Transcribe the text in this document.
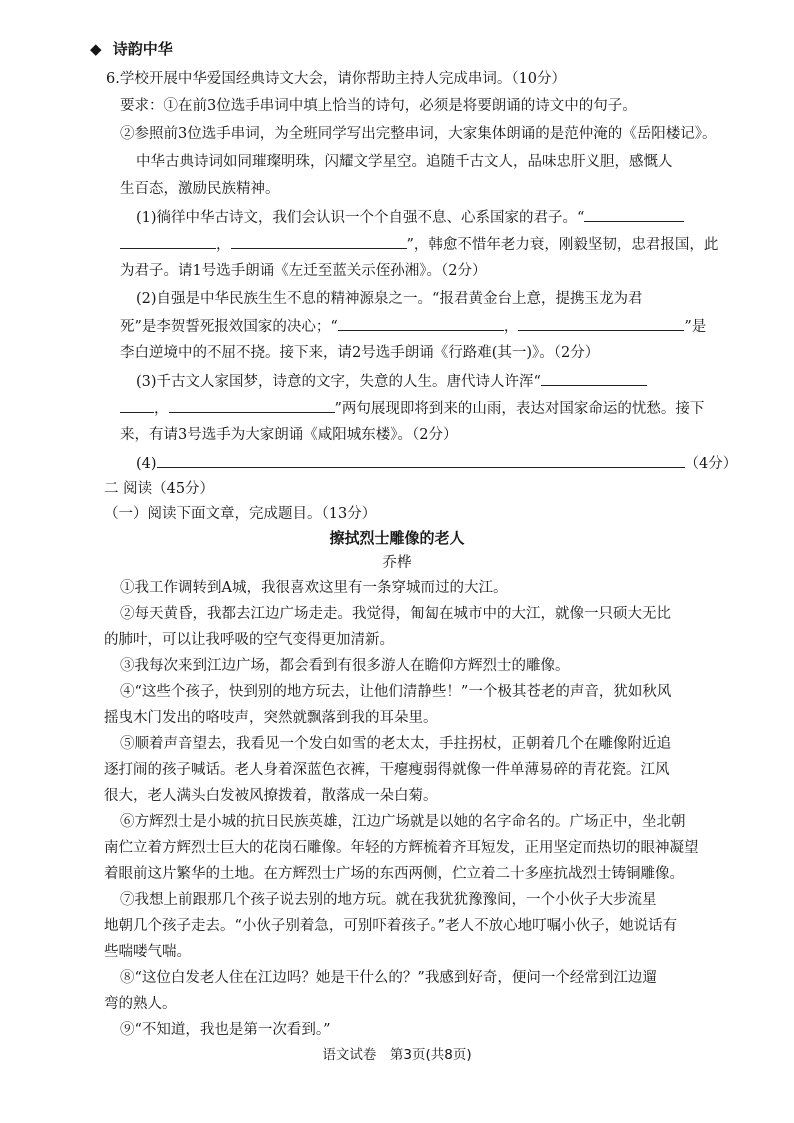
◆ 诗韵中华
6.学校开展中华爱国经典诗文大会，请你帮助主持人完成串词。（10分）
要求：①在前3位选手串词中填上恰当的诗句，必须是将要朗诵的诗文中的句子。
②参照前3位选手串词，为全班同学写出完整串词，大家集体朗诵的是范仲淹的《岳阳楼记》。
中华古典诗词如同璀璨明珠，闪耀文学星空。追随千古文人，品味忠肝义胆，感慨人
生百态，激励民族精神。
(1)徜徉中华古诗文，我们会认识一个个自强不息、心系国家的君子。“
，	”，韩愈不惜年老力衰，刚毅坚韧，忠君报国，此
为君子。请1号选手朗诵《左迁至蓝关示侄孙湘》。（2分）
(2)自强是中华民族生生不息的精神源泉之一。“报君黄金台上意，提携玉龙为君
死”是李贺誓死报效国家的决心；“	，	”是
李白逆境中的不屈不挠。接下来，请2号选手朗诵《行路难(其一)》。（2分）
(3)千古文人家国梦，诗意的文字，失意的人生。唐代诗人许浑“
，	”两句展现即将到来的山雨，表达对国家命运的忧愁。接下
来，有请3号选手为大家朗诵《咸阳城东楼》。（2分）
(4)	（4分）
二 阅读（45分）
（一）阅读下面文章，完成题目。（13分）
擦拭烈士雕像的老人
乔桦
①我工作调转到A城，我很喜欢这里有一条穿城而过的大江。
②每天黄昏，我都去江边广场走走。我觉得，匍匐在城市中的大江，就像一只硕大无比
的肺叶，可以让我呼吸的空气变得更加清新。
③我每次来到江边广场，都会看到有很多游人在瞻仰方辉烈士的雕像。
④“这些个孩子，快到别的地方玩去，让他们清静些！”一个极其苍老的声音，犹如秋风
摇曳木门发出的咯吱声，突然就飘落到我的耳朵里。
⑤顺着声音望去，我看见一个发白如雪的老太太，手拄拐杖，正朝着几个在雕像附近追
逐打闹的孩子喊话。老人身着深蓝色衣裤，干瘪瘦弱得就像一件单薄易碎的青花瓷。江风
很大，老人满头白发被风撩拨着，散落成一朵白菊。
⑥方辉烈士是小城的抗日民族英雄，江边广场就是以她的名字命名的。广场正中，坐北朝
南伫立着方辉烈士巨大的花岗石雕像。年轻的方辉梳着齐耳短发，正用坚定而热切的眼神凝望
着眼前这片繁华的土地。在方辉烈士广场的东西两侧，伫立着二十多座抗战烈士铸铜雕像。
⑦我想上前跟那几个孩子说去别的地方玩。就在我犹犹豫豫间，一个小伙子大步流星
地朝几个孩子走去。“小伙子别着急，可别吓着孩子。”老人不放心地叮嘱小伙子，她说话有
些喘喽气喘。
⑧“这位白发老人住在江边吗？她是干什么的？”我感到好奇，便问一个经常到江边遛
弯的熟人。
⑨“不知道，我也是第一次看到。”
语文试卷　第3页(共8页)
